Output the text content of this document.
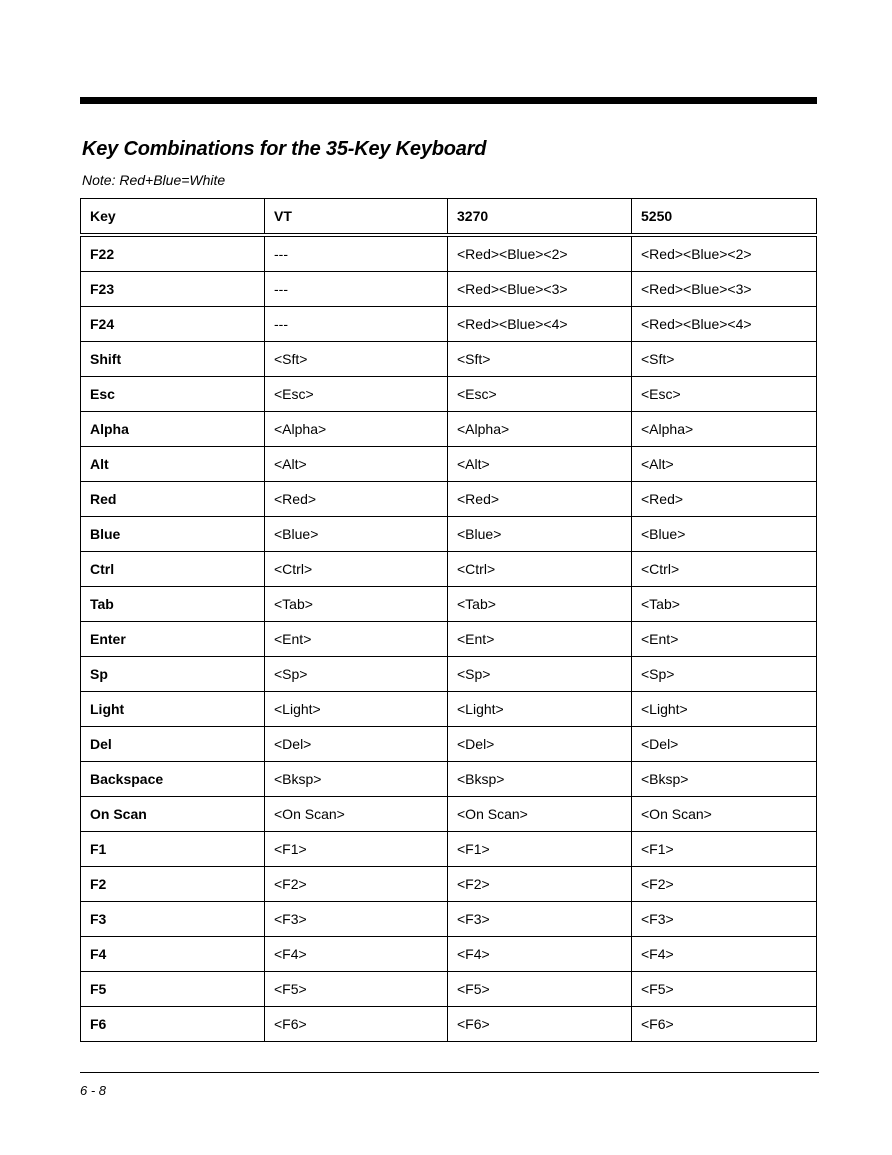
Key Combinations for the 35-Key Keyboard

Note: Red+Blue=White

Key	VT	3270	5250
F22	---	<Red><Blue><2>	<Red><Blue><2>
F23	---	<Red><Blue><3>	<Red><Blue><3>
F24	---	<Red><Blue><4>	<Red><Blue><4>
Shift	<Sft>	<Sft>	<Sft>
Esc	<Esc>	<Esc>	<Esc>
Alpha	<Alpha>	<Alpha>	<Alpha>
Alt	<Alt>	<Alt>	<Alt>
Red	<Red>	<Red>	<Red>
Blue	<Blue>	<Blue>	<Blue>
Ctrl	<Ctrl>	<Ctrl>	<Ctrl>
Tab	<Tab>	<Tab>	<Tab>
Enter	<Ent>	<Ent>	<Ent>
Sp	<Sp>	<Sp>	<Sp>
Light	<Light>	<Light>	<Light>
Del	<Del>	<Del>	<Del>
Backspace	<Bksp>	<Bksp>	<Bksp>
On Scan	<On Scan>	<On Scan>	<On Scan>
F1	<F1>	<F1>	<F1>
F2	<F2>	<F2>	<F2>
F3	<F3>	<F3>	<F3>
F4	<F4>	<F4>	<F4>
F5	<F5>	<F5>	<F5>
F6	<F6>	<F6>	<F6>

6 - 8
